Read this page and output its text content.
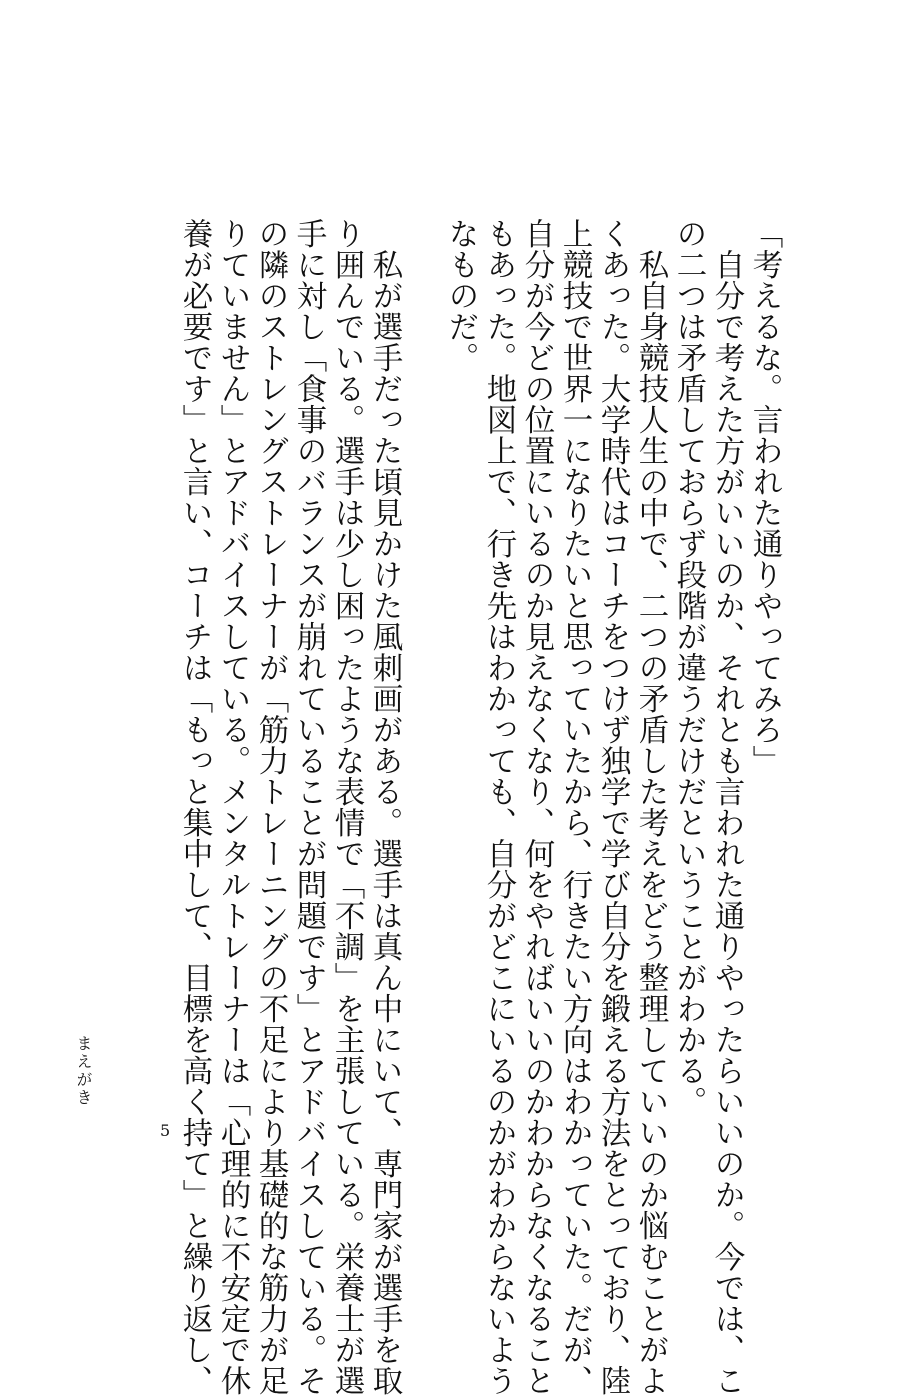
「考えるな。言われた通りやってみろ」
　自分で考えた方がいいのか、それとも言われた通りやったらいいのか。今では、こ
の二つは矛盾しておらず段階が違うだけだということがわかる。
　私自身競技人生の中で、二つの矛盾した考えをどう整理していいのか悩むことがよ
くあった。大学時代はコーチをつけず独学で学び自分を鍛える方法をとっており、陸
上競技で世界一になりたいと思っていたから、行きたい方向はわかっていた。だが、
自分が今どの位置にいるのか見えなくなり、何をやればいいのかわからなくなること
もあった。地図上で、行き先はわかっても、自分がどこにいるのかがわからないよう
なものだ。
　私が選手だった頃見かけた風刺画がある。選手は真ん中にいて、専門家が選手を取
り囲んでいる。選手は少し困ったような表情で「不調」を主張している。栄養士が選
手に対し「食事のバランスが崩れていることが問題です」とアドバイスしている。そ
の隣のストレングストレーナーが「筋力トレーニングの不足により基礎的な筋力が足
りていません」とアドバイスしている。メンタルトレーナーは「心理的に不安定で休
養が必要です」と言い、コーチは「もっと集中して、目標を高く持て」と繰り返し、
まえがき
5
